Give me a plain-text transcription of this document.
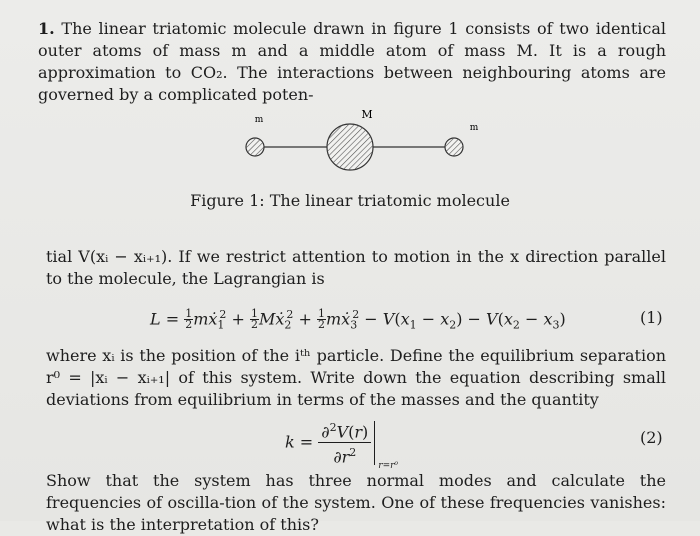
1. The linear triatomic molecule drawn in figure 1 consists of two identical outer atoms of mass m and a middle atom of mass M. It is a rough approximation to CO₂. The interactions between neighbouring atoms are governed by a complicated poten-
m	M
m
Figure 1: The linear triatomic molecule
tial V(xᵢ − xᵢ₊₁). If we restrict attention to motion in the x direction parallel to the molecule, the Lagrangian is
$L = \frac{1}{2}$ mẋ$_1^2$ + $\frac{1}{2}$ Mẋ$_2^2$ + $\frac{1}{2}$ mẋ$_3^2$ − $V(x_1 - x_2) - V(x_2 - x_3)$	(1)
where xᵢ is the position of the iᵗʰ particle. Define the equilibrium separation r⁰ = |xᵢ − xᵢ₊₁| of this system. Write down the equation describing small deviations from equilibrium in terms of the masses and the quantity
$k = \frac{\partial^2V(r)}{\partial r^2} r=r^0$
(2)
Show that the system has three normal modes and calculate the frequencies of oscilla-tion of the system. One of these frequencies vanishes: what is the interpretation of this?
